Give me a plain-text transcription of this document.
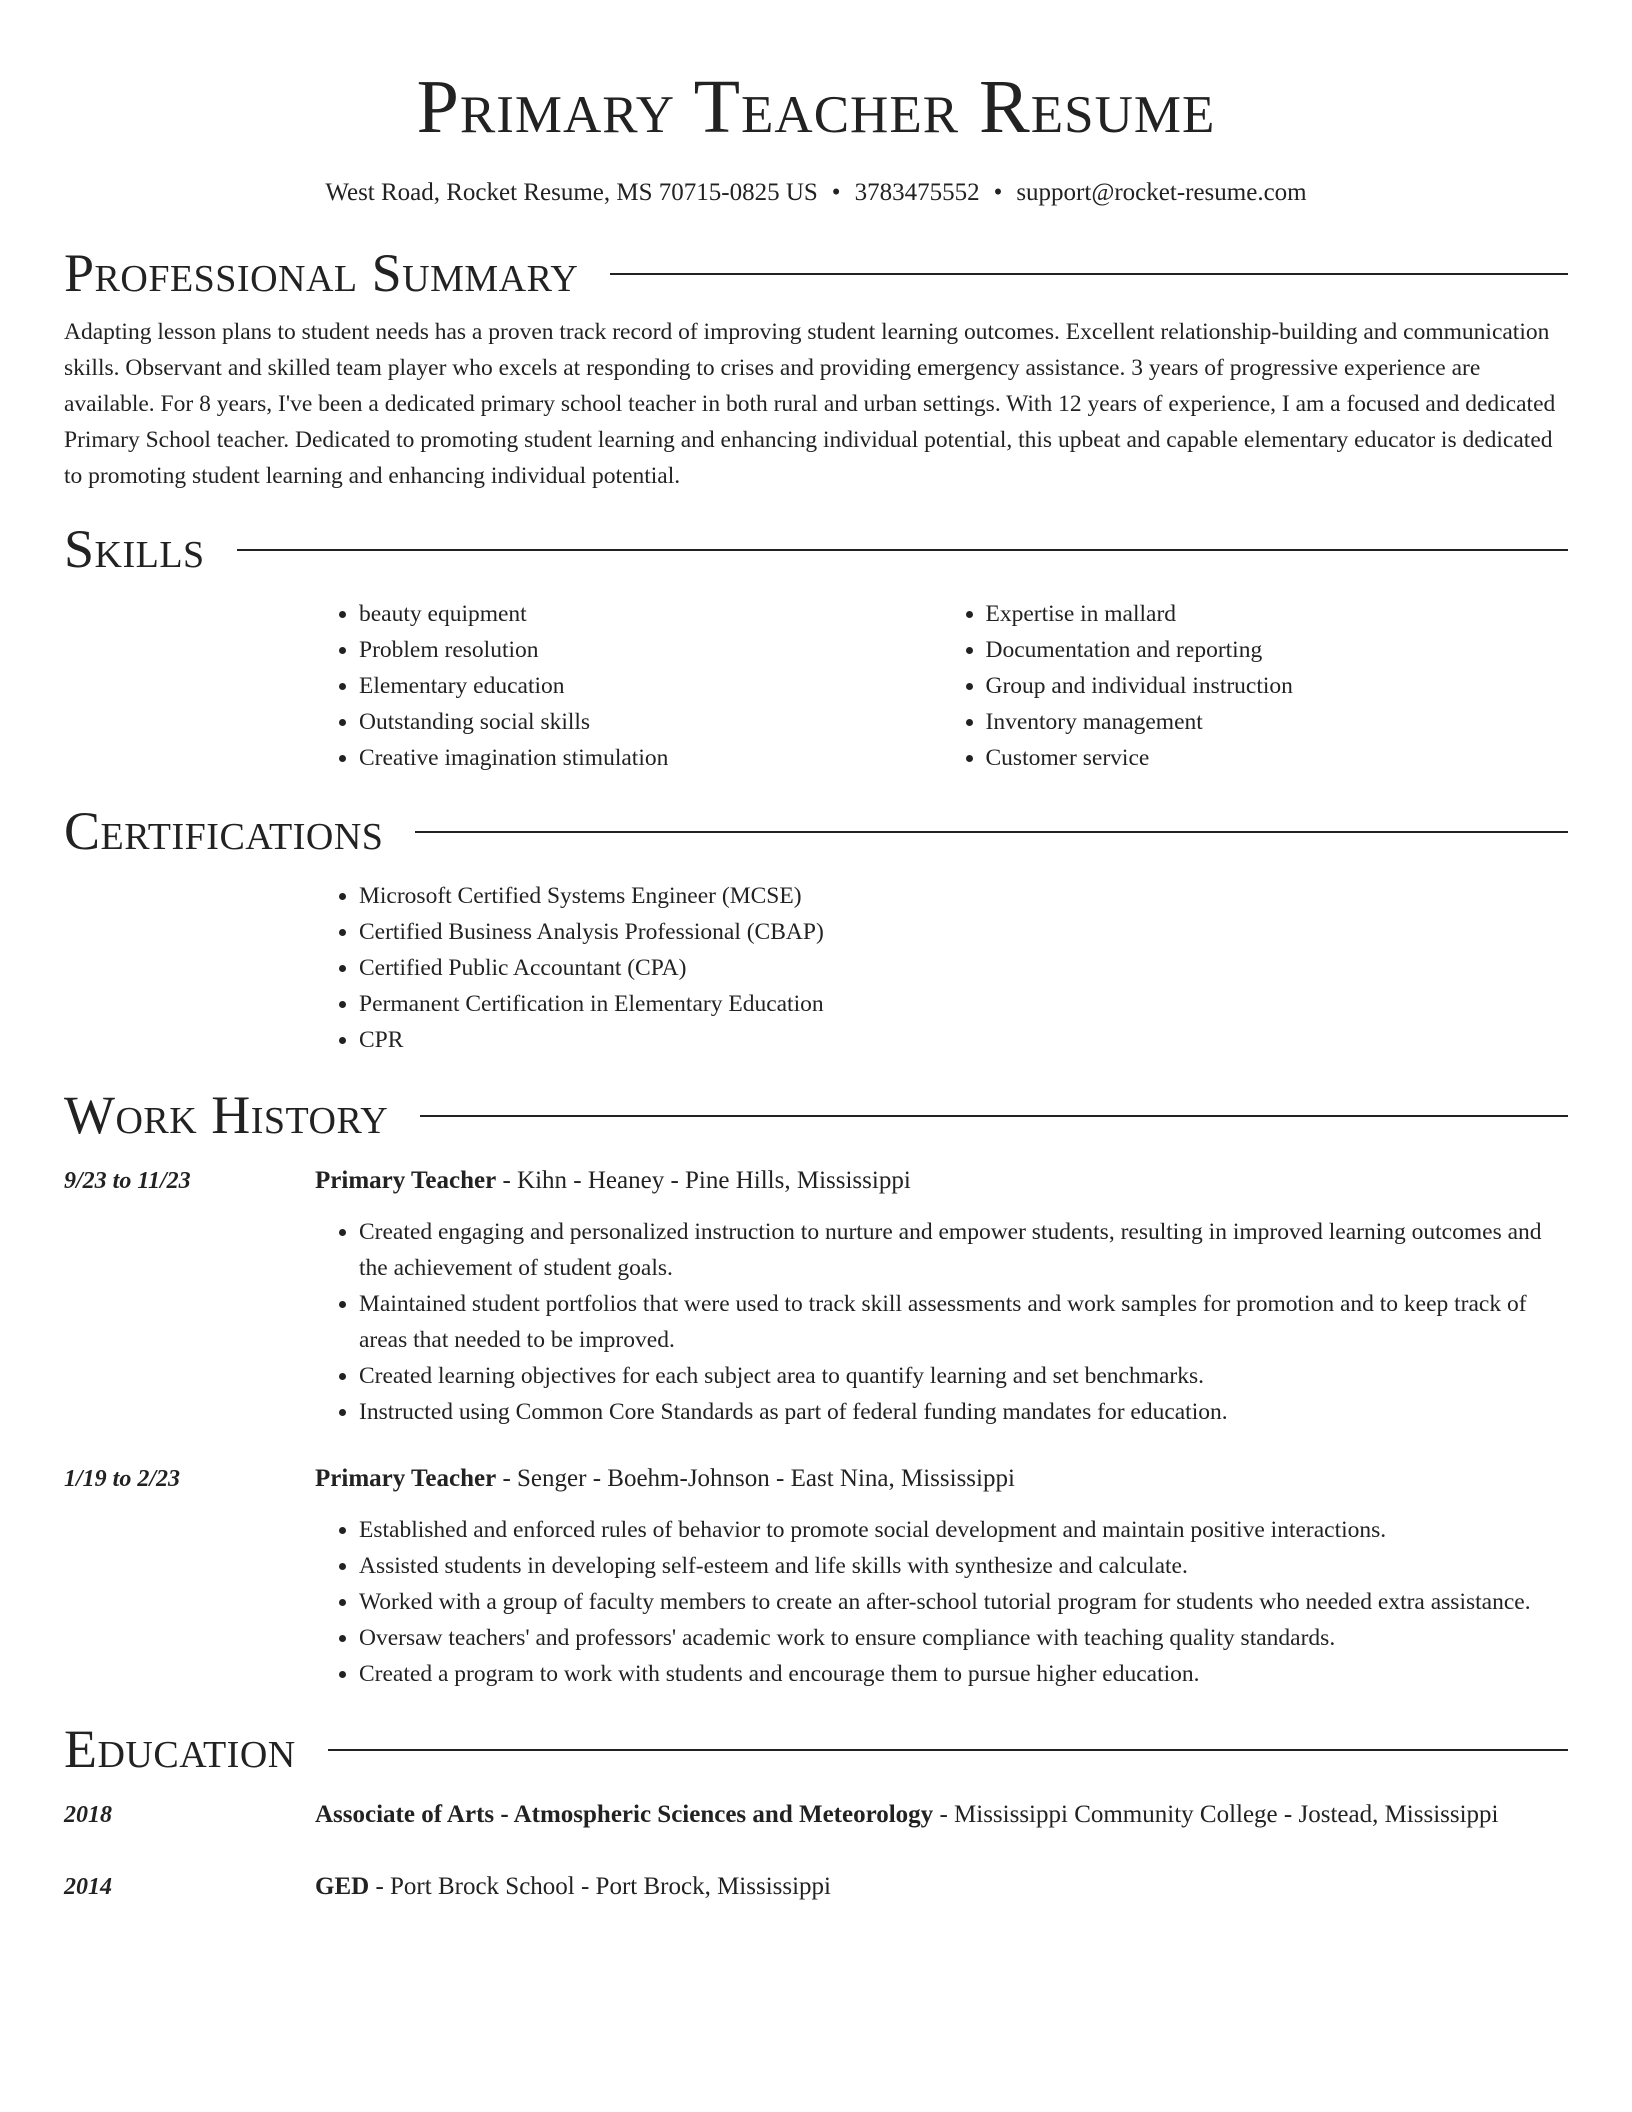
Primary Teacher Resume
West Road, Rocket Resume, MS 70715-0825 US • 3783475552 • support@rocket-resume.com
Professional Summary

Adapting lesson plans to student needs has a proven track record of improving student learning outcomes. Excellent relationship-building and communication skills. Observant and skilled team player who excels at responding to crises and providing emergency assistance. 3 years of progressive experience are available. For 8 years, I've been a dedicated primary school teacher in both rural and urban settings. With 12 years of experience, I am a focused and dedicated Primary School teacher. Dedicated to promoting student learning and enhancing individual potential, this upbeat and capable elementary educator is dedicated to promoting student learning and enhancing individual potential.

Skills
• beauty equipment
• Problem resolution
• Elementary education
• Outstanding social skills
• Creative imagination stimulation
• Expertise in mallard
• Documentation and reporting
• Group and individual instruction
• Inventory management
• Customer service
Certifications
• Microsoft Certified Systems Engineer (MCSE)
• Certified Business Analysis Professional (CBAP)
• Certified Public Accountant (CPA)
• Permanent Certification in Elementary Education
• CPR
Work History
9/23 to 11/23	Primary Teacher - Kihn - Heaney - Pine Hills, Mississippi
• Created engaging and personalized instruction to nurture and empower students, resulting in improved learning outcomes and the achievement of student goals.
• Maintained student portfolios that were used to track skill assessments and work samples for promotion and to keep track of areas that needed to be improved.
• Created learning objectives for each subject area to quantify learning and set benchmarks.
• Instructed using Common Core Standards as part of federal funding mandates for education.
1/19 to 2/23	Primary Teacher - Senger - Boehm-Johnson - East Nina, Mississippi
• Established and enforced rules of behavior to promote social development and maintain positive interactions.
• Assisted students in developing self-esteem and life skills with synthesize and calculate.
• Worked with a group of faculty members to create an after-school tutorial program for students who needed extra assistance.
• Oversaw teachers' and professors' academic work to ensure compliance with teaching quality standards.
• Created a program to work with students and encourage them to pursue higher education.
Education
2018	Associate of Arts - Atmospheric Sciences and Meteorology - Mississippi Community College - Jostead, Mississippi
2014	GED - Port Brock School - Port Brock, Mississippi
